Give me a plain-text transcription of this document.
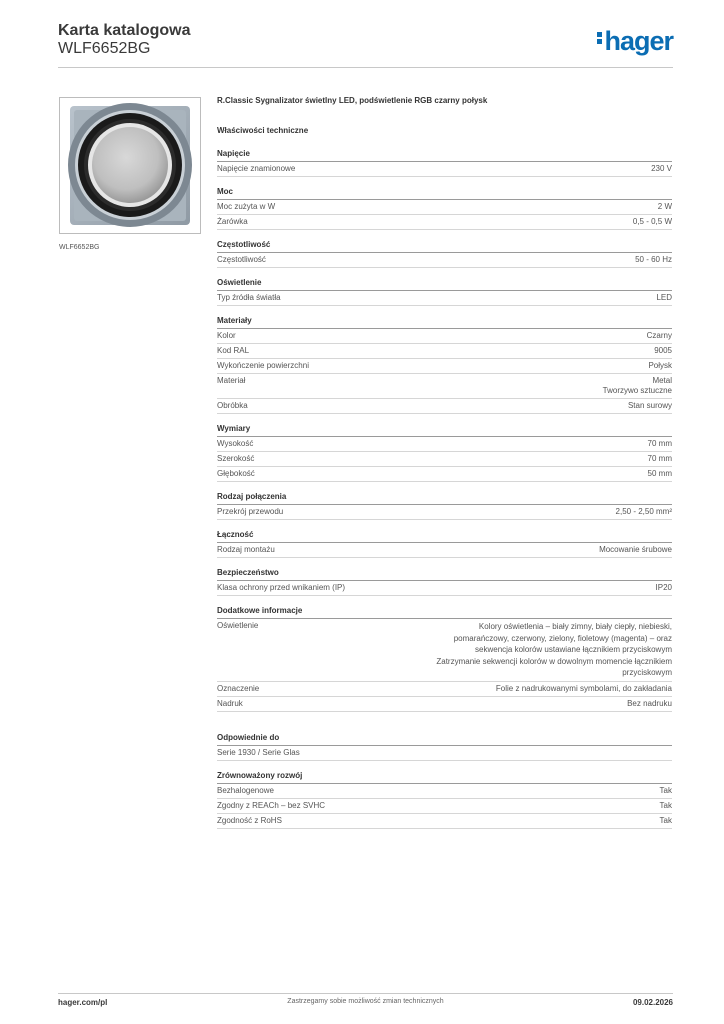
Karta katalogowa
WLF6652BG	hager
WLF6652BG
R.Classic Sygnalizator świetlny LED, podświetlenie RGB czarny połysk
Właściwości techniczne
Napięcie
Napięcie znamionowe	230 V
Moc
Moc zużyta w W	2 W
Żarówka	0,5 - 0,5 W
Częstotliwość
Częstotliwość	50 - 60 Hz
Oświetlenie
Typ źródła światła	LED
Materiały
Kolor	Czarny
Kod RAL	9005
Wykończenie powierzchni	Połysk
Materiał	Metal
Tworzywo sztuczne
Obróbka	Stan surowy
Wymiary
Wysokość	70 mm
Szerokość	70 mm
Głębokość	50 mm
Rodzaj połączenia
Przekrój przewodu	2,50 - 2,50 mm²
Łączność
Rodzaj montażu	Mocowanie śrubowe
Bezpieczeństwo
Klasa ochrony przed wnikaniem (IP)	IP20
Dodatkowe informacje
Oświetlenie	Kolory oświetlenia – biały zimny, biały ciepły, niebieski,
pomarańczowy, czerwony, zielony, fioletowy (magenta) – oraz
sekwencja kolorów ustawiane łącznikiem przyciskowym
Zatrzymanie sekwencji kolorów w dowolnym momencie łącznikiem
przyciskowym
Oznaczenie	Folie z nadrukowanymi symbolami, do zakładania
Nadruk	Bez nadruku
Odpowiednie do
Serie 1930 / Serie Glas
Zrównoważony rozwój
Bezhalogenowe	Tak
Zgodny z REACh – bez SVHC	Tak
Zgodność z RoHS	Tak
Zastrzegamy sobie możliwość zmian technicznych
hager.com/pl	09.02.2026
